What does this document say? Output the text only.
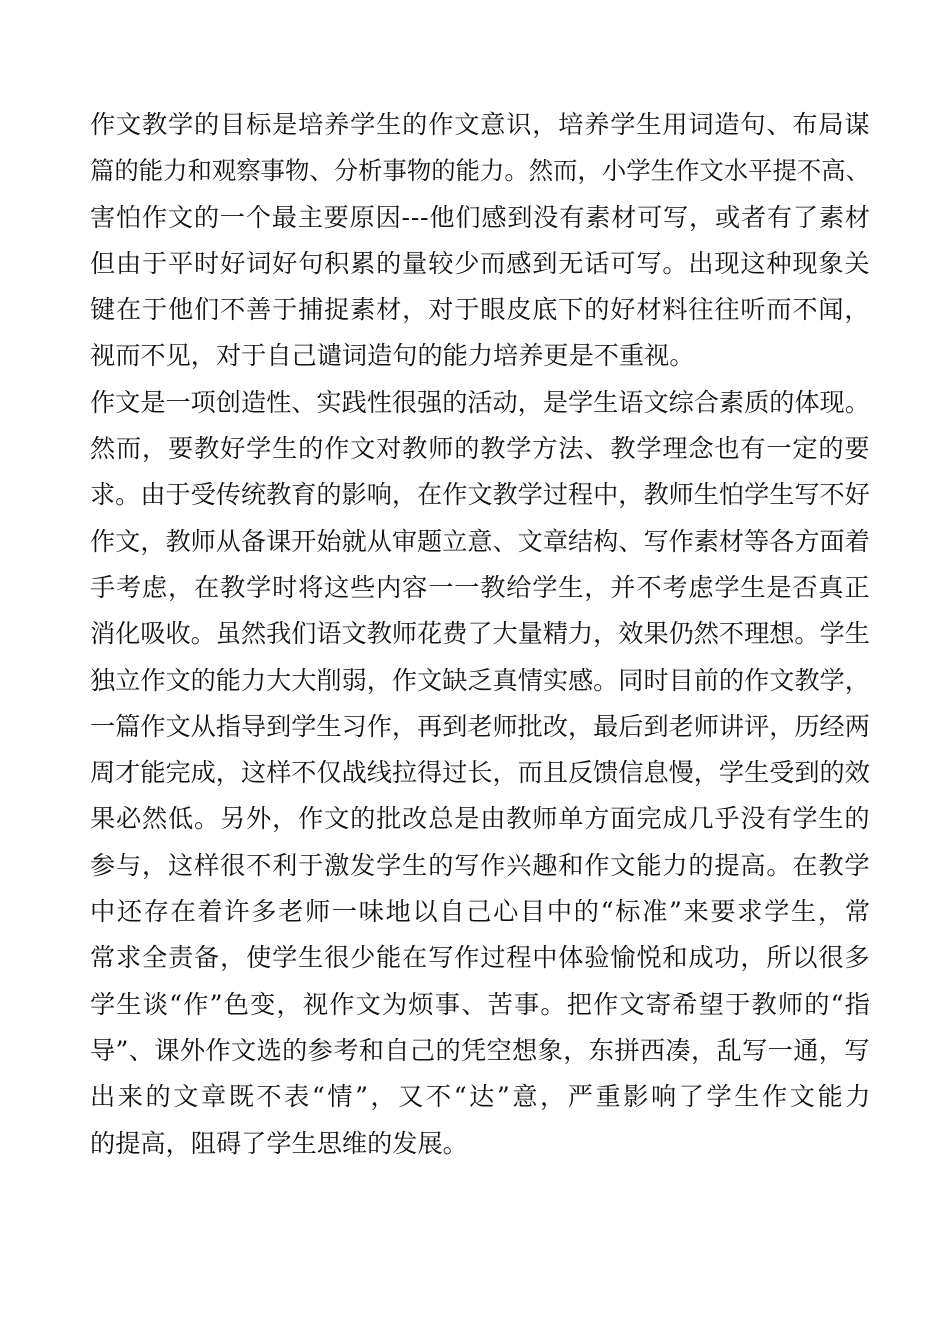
作文教学的目标是培养学生的作文意识，培养学生用词造句、布局谋
篇的能力和观察事物、分析事物的能力。然而，小学生作文水平提不高、
害怕作文的一个最主要原因---他们感到没有素材可写，或者有了素材
但由于平时好词好句积累的量较少而感到无话可写。出现这种现象关
键在于他们不善于捕捉素材，对于眼皮底下的好材料往往听而不闻，
视而不见，对于自己谴词造句的能力培养更是不重视。
作文是一项创造性、实践性很强的活动，是学生语文综合素质的体现。
然而，要教好学生的作文对教师的教学方法、教学理念也有一定的要
求。由于受传统教育的影响，在作文教学过程中，教师生怕学生写不好
作文，教师从备课开始就从审题立意、文章结构、写作素材等各方面着
手考虑，在教学时将这些内容一一教给学生，并不考虑学生是否真正
消化吸收。虽然我们语文教师花费了大量精力，效果仍然不理想。学生
独立作文的能力大大削弱，作文缺乏真情实感。同时目前的作文教学，
一篇作文从指导到学生习作，再到老师批改，最后到老师讲评，历经两
周才能完成，这样不仅战线拉得过长，而且反馈信息慢，学生受到的效
果必然低。另外，作文的批改总是由教师单方面完成几乎没有学生的
参与，这样很不利于激发学生的写作兴趣和作文能力的提高。在教学
中还存在着许多老师一味地以自己心目中的“标准”来要求学生，常
常求全责备，使学生很少能在写作过程中体验愉悦和成功，所以很多
学生谈“作”色变，视作文为烦事、苦事。把作文寄希望于教师的“指
导”、课外作文选的参考和自己的凭空想象，东拼西凑，乱写一通，写
出来的文章既不表“情”，又不“达”意，严重影响了学生作文能力
的提高，阻碍了学生思维的发展。
